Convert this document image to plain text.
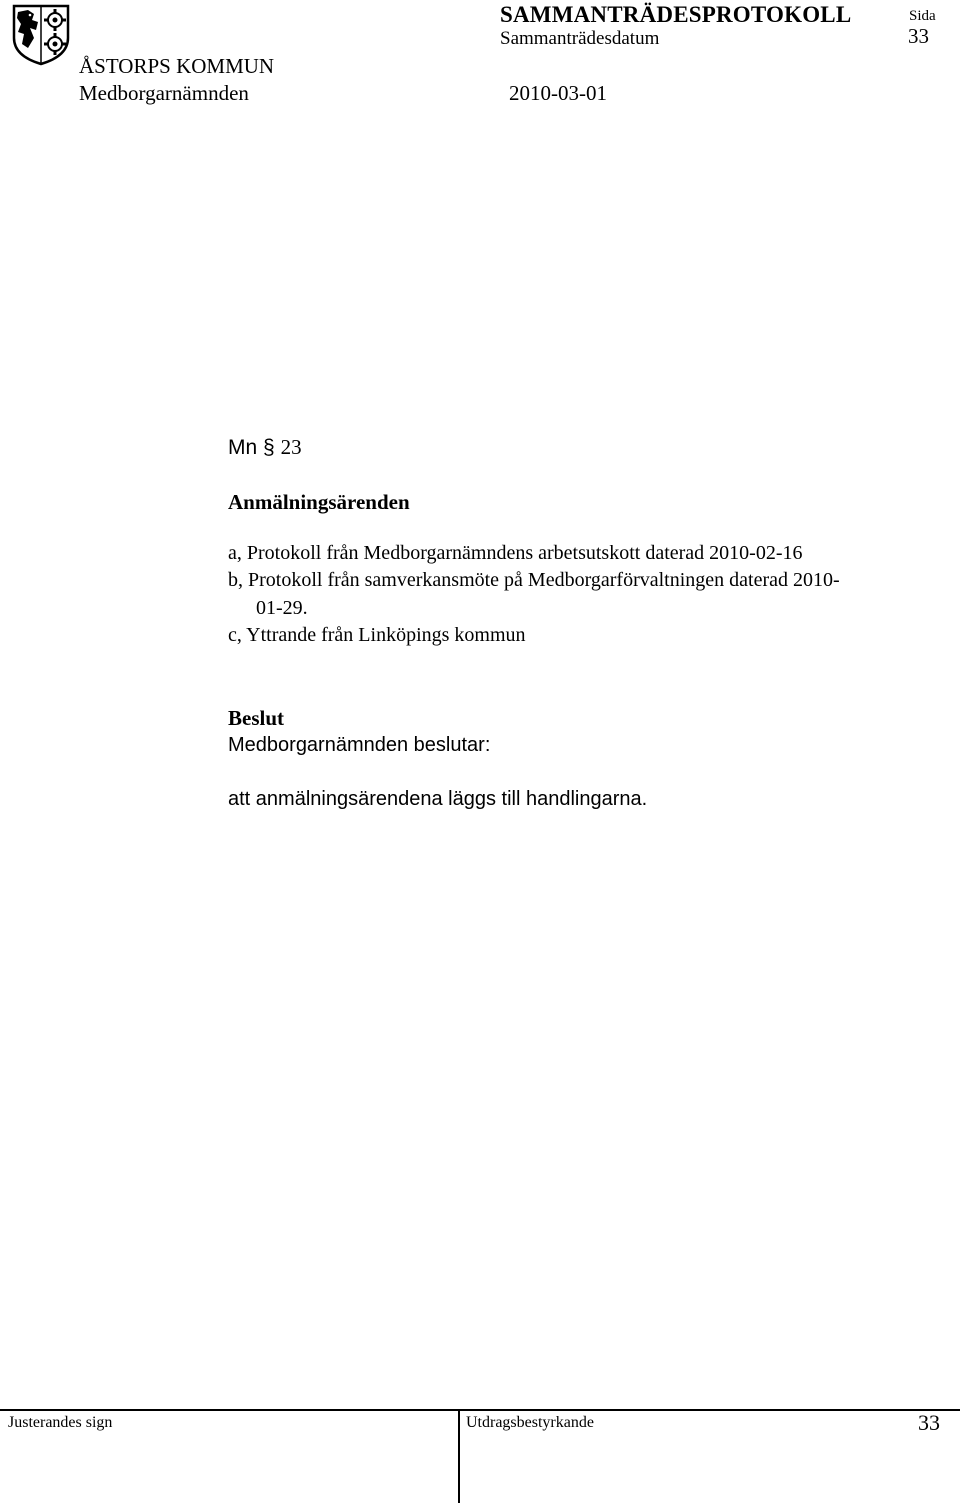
SAMMANTRÄDESPROTOKOLL
Sammanträdesdatum
Sida
33
ÅSTORPS KOMMUN
Medborgarnämnden	2010-03-01
Mn § 23
Anmälningsärenden
a, Protokoll från Medborgarnämndens arbetsutskott daterad 2010-02-16
b, Protokoll från samverkansmöte på Medborgarförvaltningen daterad 2010-
01-29.
c, Yttrande från Linköpings kommun
Beslut
Medborgarnämnden beslutar:
att anmälningsärendena läggs till handlingarna.
Justerandes sign	Utdragsbestyrkande	33
